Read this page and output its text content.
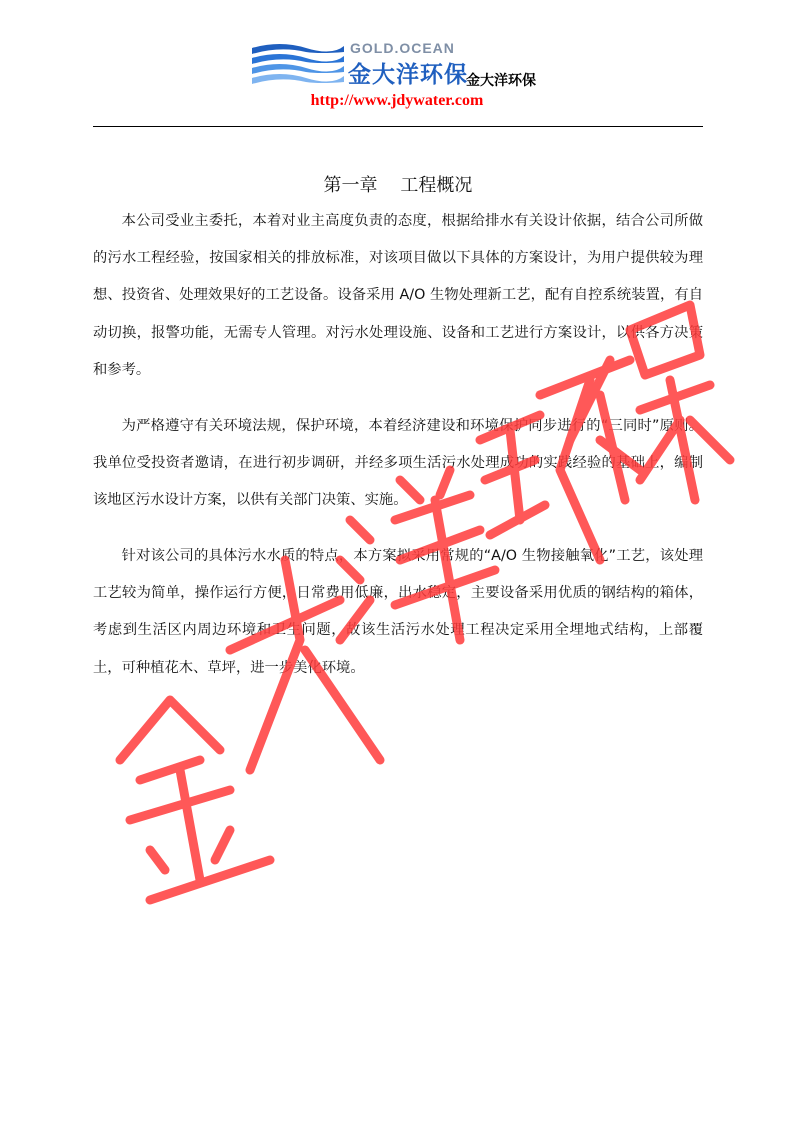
GOLD.OCEAN
金大洋环保
金大洋环保
http://www.jdywater.com
第一章    工程概况

本公司受业主委托，本着对业主高度负责的态度，根据给排水有关设计依据，结合公司所做的污水工程经验，按国家相关的排放标准，对该项目做以下具体的方案设计，为用户提供较为理想、投资省、处理效果好的工艺设备。设备采用 A/O 生物处理新工艺，配有自控系统装置，有自动切换，报警功能，无需专人管理。对污水处理设施、设备和工艺进行方案设计，以供各方决策和参考。

为严格遵守有关环境法规，保护环境，本着经济建设和环境保护同步进行的“三同时”原则。我单位受投资者邀请，在进行初步调研，并经多项生活污水处理成功的实践经验的基础上，编制该地区污水设计方案，以供有关部门决策、实施。

针对该公司的具体污水水质的特点，本方案拟采用常规的“A/O 生物接触氧化”工艺，该处理工艺较为简单，操作运行方便，日常费用低廉，出水稳定，主要设备采用优质的钢结构的箱体，考虑到生活区内周边环境和卫生问题，故该生活污水处理工程决定采用全埋地式结构，上部覆土，可种植花木、草坪，进一步美化环境。
